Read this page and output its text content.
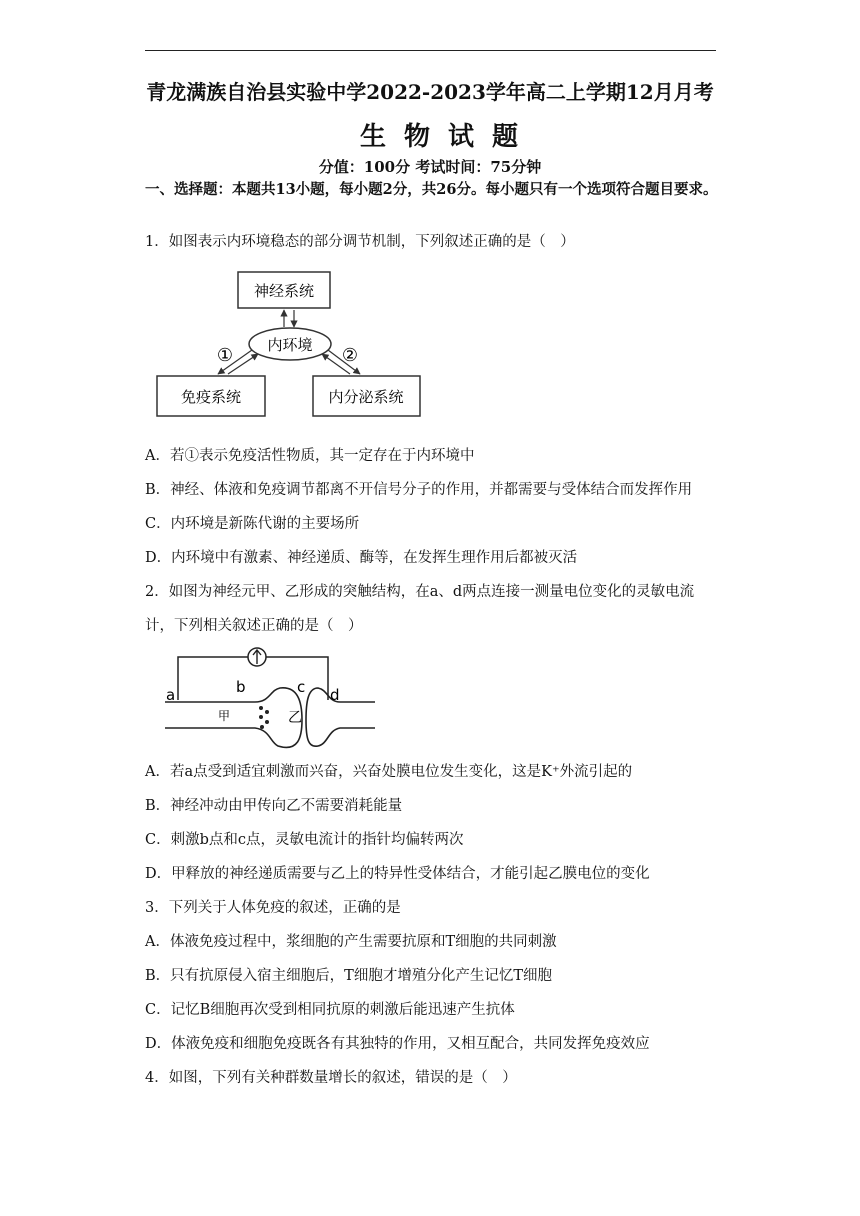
青龙满族自治县实验中学2022-2023学年高二上学期12月月考
生物试题
分值：100分 考试时间：75分钟
一、选择题：本题共13小题，每小题2分，共26分。每小题只有一个选项符合题目要求。
1．如图表示内环境稳态的部分调节机制，下列叙述正确的是（　）
神经系统
内环境
免疫系统	内分泌系统
①	②
A．若①表示免疫活性物质，其一定存在于内环境中
B．神经、体液和免疫调节都离不开信号分子的作用，并都需要与受体结合而发挥作用
C．内环境是新陈代谢的主要场所
D．内环境中有激素、神经递质、酶等，在发挥生理作用后都被灭活
2．如图为神经元甲、乙形成的突触结构，在a、d两点连接一测量电位变化的灵敏电流
计，下列相关叙述正确的是（　）
a	b	c d
甲	乙
A．若a点受到适宜刺激而兴奋，兴奋处膜电位发生变化，这是K⁺外流引起的
B．神经冲动由甲传向乙不需要消耗能量
C．刺激b点和c点，灵敏电流计的指针均偏转两次
D．甲释放的神经递质需要与乙上的特异性受体结合，才能引起乙膜电位的变化
3．下列关于人体免疫的叙述，正确的是
A．体液免疫过程中，浆细胞的产生需要抗原和T细胞的共同刺激
B．只有抗原侵入宿主细胞后，T细胞才增殖分化产生记忆T细胞
C．记忆B细胞再次受到相同抗原的刺激后能迅速产生抗体
D．体液免疫和细胞免疫既各有其独特的作用，又相互配合，共同发挥免疫效应
4．如图，下列有关种群数量增长的叙述，错误的是（　）
